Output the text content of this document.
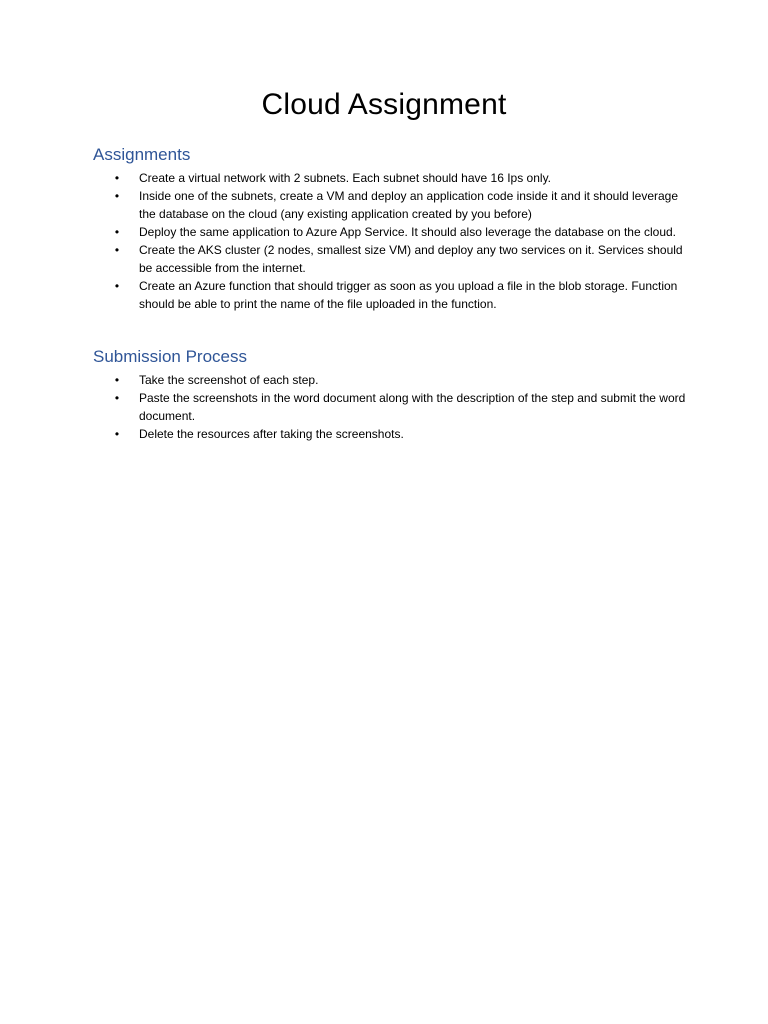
Cloud Assignment
Assignments
• Create a virtual network with 2 subnets. Each subnet should have 16 Ips only.
• Inside one of the subnets, create a VM and deploy an application code inside it and it should leverage the database on the cloud (any existing application created by you before)
• Deploy the same application to Azure App Service. It should also leverage the database on the cloud.
• Create the AKS cluster (2 nodes, smallest size VM) and deploy any two services on it. Services should be accessible from the internet.
• Create an Azure function that should trigger as soon as you upload a file in the blob storage. Function should be able to print the name of the file uploaded in the function.
Submission Process
• Take the screenshot of each step.
• Paste the screenshots in the word document along with the description of the step and submit the word document.
• Delete the resources after taking the screenshots.
